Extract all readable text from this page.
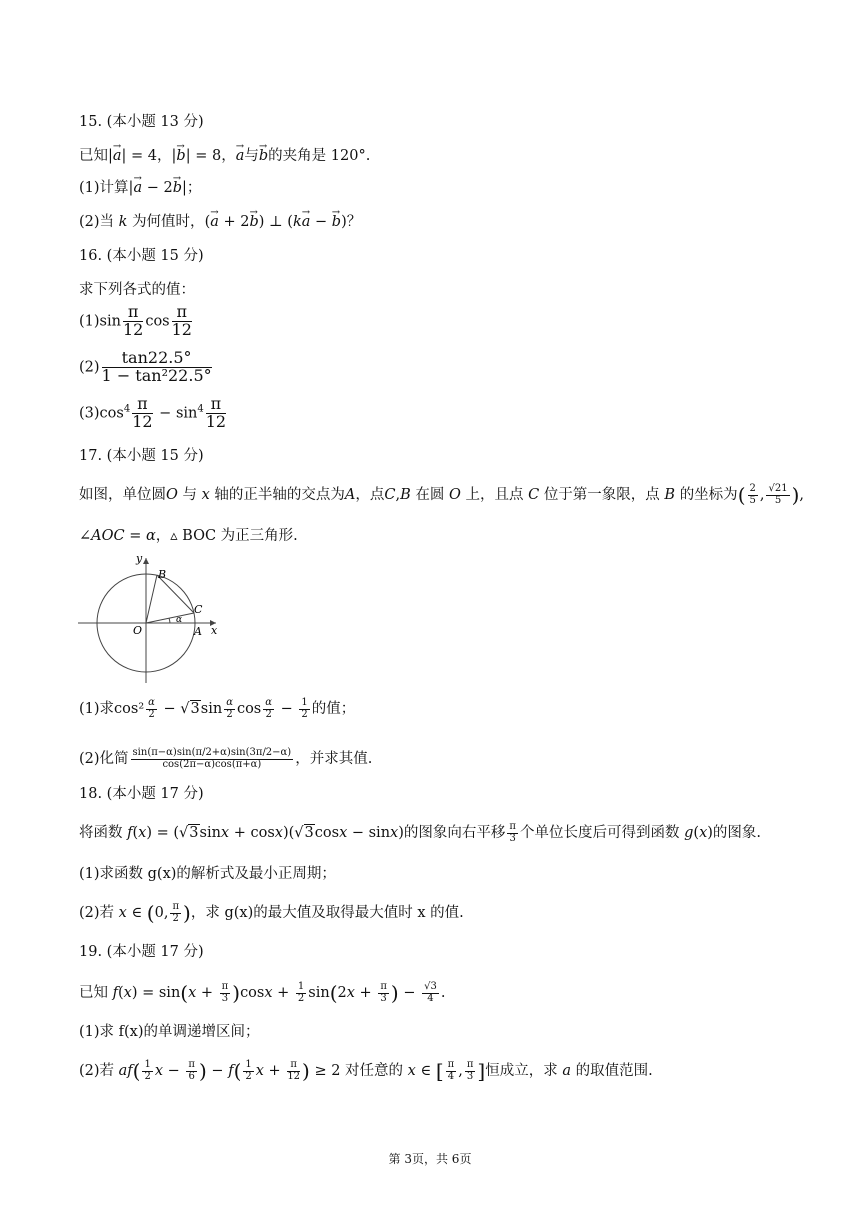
15. (本小题 13 分)
已知|→ a| = 4，|→ b| = 8，→ a与→ b的夹角是 120°.
(1)计算|→ a − 2→ b|；
(2)当 k 为何值时，(→ a + 2→ b) ⊥ (k→ a − → b)？
16. (本小题 15 分)
求下列各式的值：
$(1)\sin \frac{\pi}{12}$ $\cos \frac{\pi}{12}$
$(2) \frac{\tan 22.5^\circ}{\text{1 − tan²22.5°}}$
$(3)\cos^4 \frac{\pi}{12} - \sin^4 \frac{\pi}{12}$
17. (本小题 15 分)
如图，单位圆O 与 x 轴的正半轴的交点为A，点C,B 在圆 O 上，且点 C 位于第一象限，点 B 的坐标为( $\frac{2}{5}$ , $\frac{√21}{5}$ ),
∠AOC = α，▵ BOC 为正三角形.
y
x
O	A
B
C
α
(1)求$\cos^2 \frac{\alpha}{2} - √3\sin \frac{\alpha}{2}$ $\cos \frac{\alpha}{2} - \frac{1}{2}$ 的值；
(2)化简 $\frac{\sin(\pi-\alpha)\sin(\pi/2+\alpha)\sin(3\pi/2-\alpha)}{\cos(2\pi-\alpha)\cos(\pi+\alpha)}$ ，并求其值.
18. (本小题 17 分)
将函数 f(x) = (√3sinx + cosx)(√3cosx − sinx)的图象向右平移 $\frac{\pi}{3}$ 个单位长度后可得到函数 g(x)的图象.
(1)求函数 g(x)的解析式及最小正周期；
(2)若 x ∈ (0, $\frac{\pi}{2}$ )，求 g(x)的最大值及取得最大值时 x 的值.
19. (本小题 17 分)
已知 $f(x) = \sin(x + \frac{\pi}{3} )\cos x + \frac{1}{2} \sin(2x + \frac{\pi}{3}$ ) − $\frac{√3}{4}$ .
(1)求 f(x)的单调递增区间；
(2)若 $af( \frac{1}{2}$ $x - \frac{\pi}{6}$ ) − $f( \frac{1}{2}$ $x + \frac{\pi}{12}$ ) ≥ 2 对任意的 x ∈ [ $\frac{\pi}{4}$ , $\frac{\pi}{3}$ ]恒成立，求 a 的取值范围.
第 3页，共 6页
